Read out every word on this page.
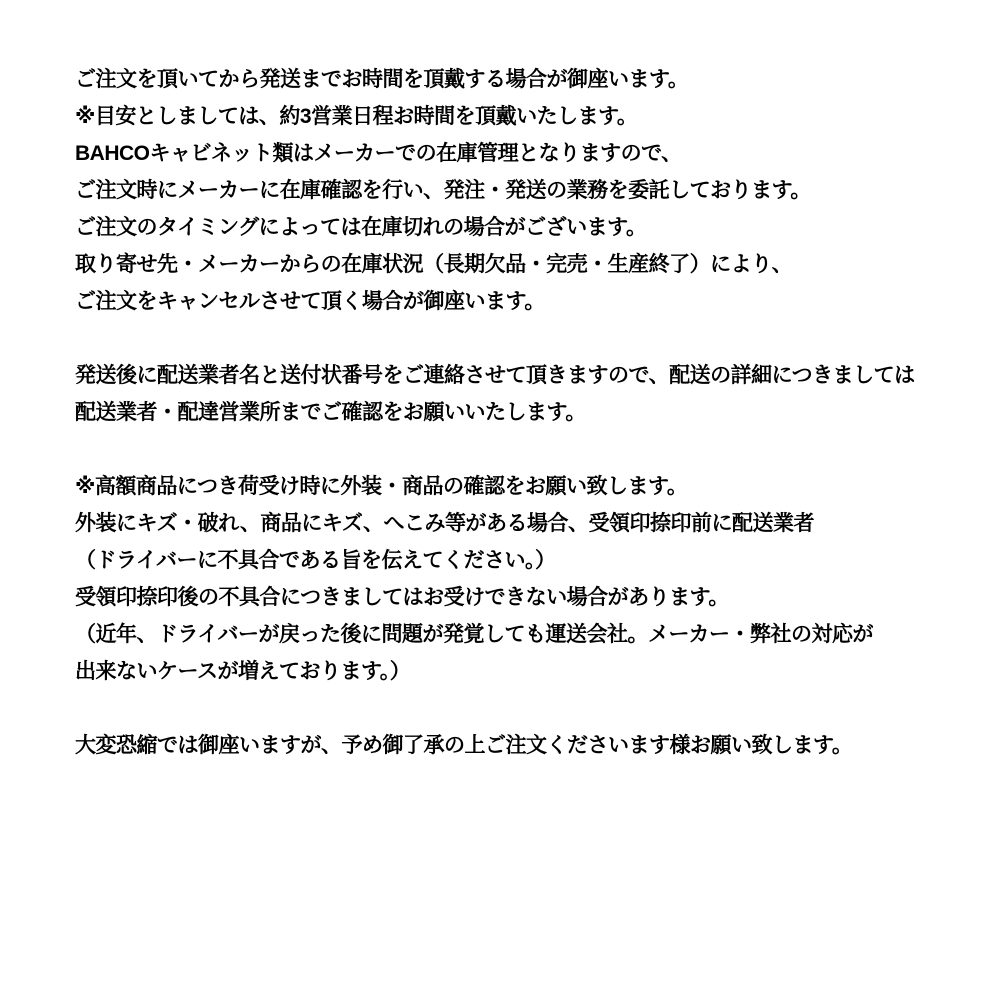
ご注文を頂いてから発送までお時間を頂戴する場合が御座います。
※目安としましては、約3営業日程お時間を頂戴いたします。
BAHCOキャビネット類はメーカーでの在庫管理となりますので、
ご注文時にメーカーに在庫確認を行い、発注・発送の業務を委託しております。
ご注文のタイミングによっては在庫切れの場合がございます。
取り寄せ先・メーカーからの在庫状況（長期欠品・完売・生産終了）により、
ご注文をキャンセルさせて頂く場合が御座います。
発送後に配送業者名と送付状番号をご連絡させて頂きますので、配送の詳細につきましては
配送業者・配達営業所までご確認をお願いいたします。
※高額商品につき荷受け時に外装・商品の確認をお願い致します。
外装にキズ・破れ、商品にキズ、へこみ等がある場合、受領印捺印前に配送業者
（ドライバーに不具合である旨を伝えてください。）
受領印捺印後の不具合につきましてはお受けできない場合があります。
（近年、ドライバーが戻った後に問題が発覚しても運送会社。メーカー・弊社の対応が
出来ないケースが増えております。）
大変恐縮では御座いますが、予め御了承の上ご注文くださいます様お願い致します。
